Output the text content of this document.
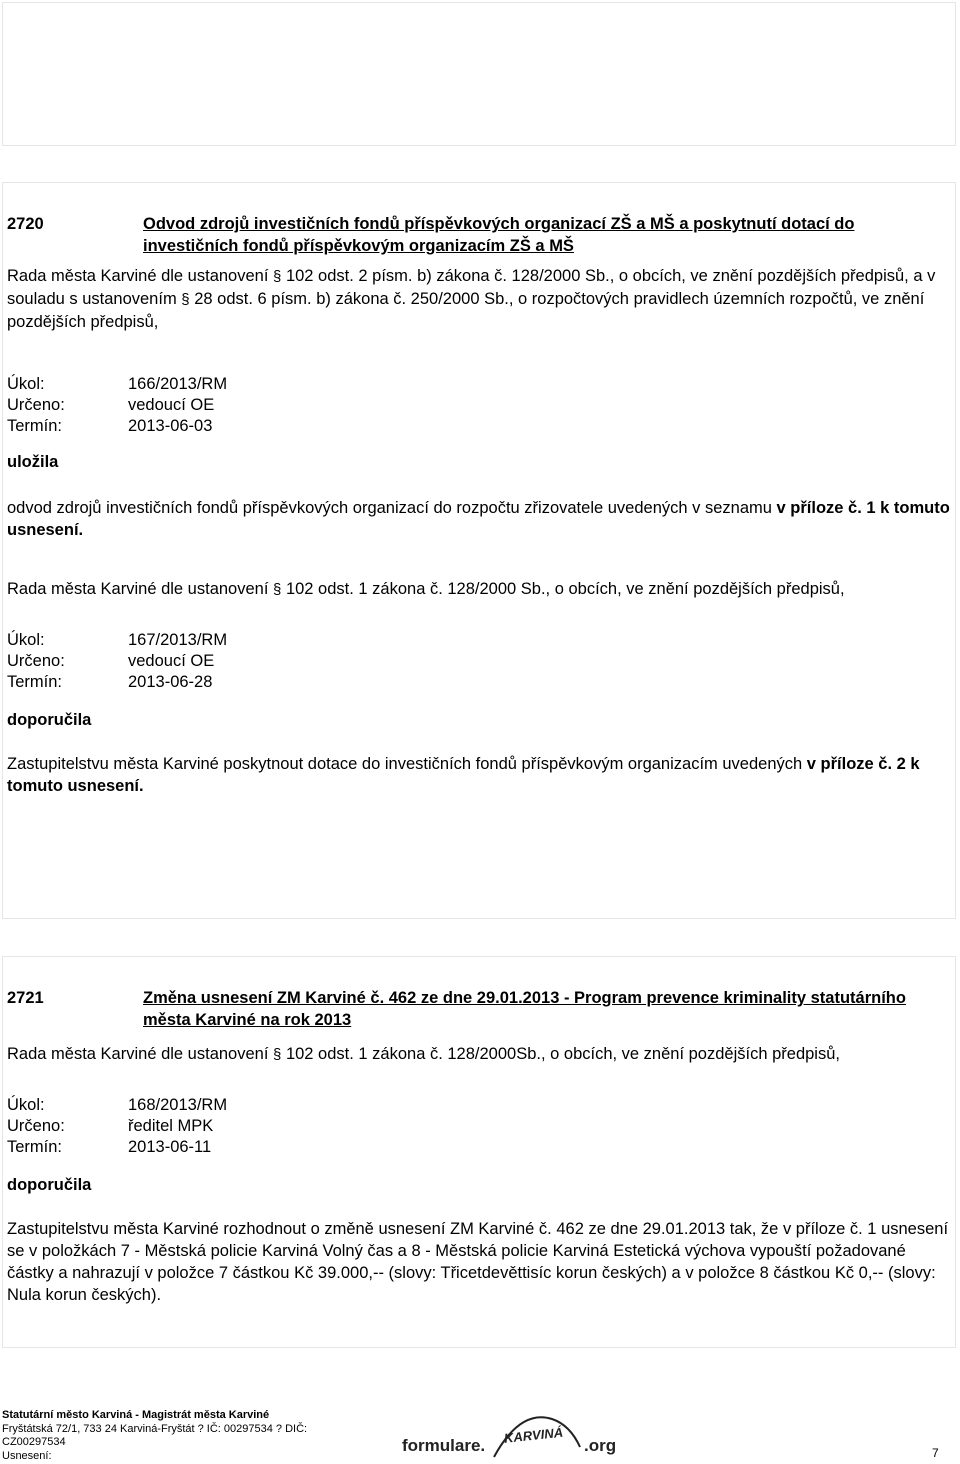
2720	Odvod zdrojů investičních fondů příspěvkových organizací ZŠ a MŠ a poskytnutí dotací do investičních fondů příspěvkovým organizacím ZŠ a MŠ

Rada města Karviné dle ustanovení § 102 odst. 2 písm. b) zákona č. 128/2000 Sb., o obcích, ve znění pozdějších předpisů, a v souladu s ustanovením § 28 odst. 6 písm. b) zákona č. 250/2000 Sb., o rozpočtových pravidlech územních rozpočtů, ve znění pozdějších předpisů,

Úkol:	166/2013/RM
Určeno:	vedoucí OE
Termín:	2013-06-03

uložila

odvod zdrojů investičních fondů příspěvkových organizací do rozpočtu zřizovatele uvedených v seznamu v příloze č. 1 k tomuto usnesení.

Rada města Karviné dle ustanovení § 102 odst. 1 zákona č. 128/2000 Sb., o obcích, ve znění pozdějších předpisů,

Úkol:	167/2013/RM
Určeno:	vedoucí OE
Termín:	2013-06-28

doporučila

Zastupitelstvu města Karviné poskytnout dotace do investičních fondů příspěvkovým organizacím uvedených v příloze č. 2 k tomuto usnesení.

2721	Změna usnesení ZM Karviné č. 462 ze dne 29.01.2013 - Program prevence kriminality statutárního města Karviné na rok 2013

Rada města Karviné dle ustanovení § 102 odst. 1 zákona č. 128/2000Sb., o obcích, ve znění pozdějších předpisů,

Úkol:	168/2013/RM
Určeno:	ředitel MPK
Termín:	2013-06-11

doporučila

Zastupitelstvu města Karviné rozhodnout o změně usnesení ZM Karviné č. 462 ze dne 29.01.2013 tak, že v příloze č. 1 usnesení se v položkách 7 - Městská policie Karviná Volný čas a 8 - Městská policie Karviná Estetická výchova vypouští požadované částky a nahrazují v položce 7 částkou Kč 39.000,-- (slovy: Třicetdevěttisíc korun českých) a v položce 8 částkou Kč 0,-- (slovy: Nula korun českých).

Statutární město Karviná - Magistrát města Karviné
Fryštátská 72/1, 733 24 Karviná-Fryštát ? IČ: 00297534 ? DIČ:
CZ00297534
Usnesení:
formulare. KARVINÁ .org	7
